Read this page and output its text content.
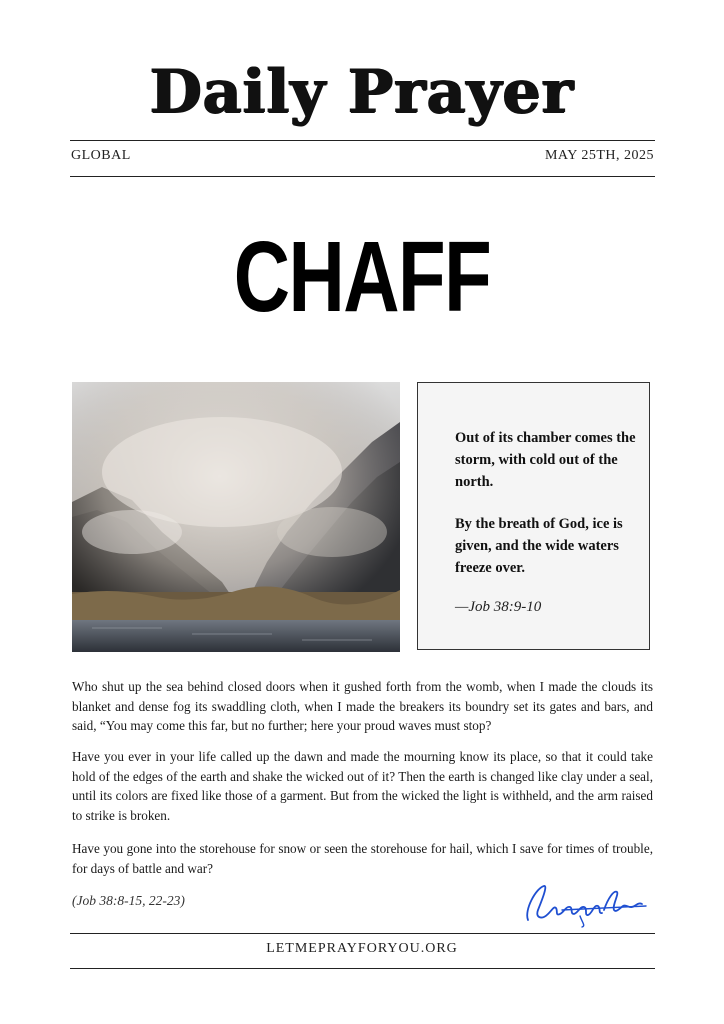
Daily Prayer
GLOBAL	MAY 25TH, 2025
CHAFF

Out of its chamber comes the storm, with cold out of the north.

By the breath of God, ice is given, and the wide waters freeze over.

—Job 38:9-10

Who shut up the sea behind closed doors when it gushed forth from the womb, when I made the clouds its blanket and dense fog its swaddling cloth, when I made the breakers its boundry set its gates and bars, and said, “You may come this far, but no further; here your proud waves must stop?

Have you ever in your life called up the dawn and made the mourning know its place, so that it could take hold of the edges of the earth and shake the wicked out of it? Then the earth is changed like clay under a seal, until its colors are fixed like those of a garment. But from the wicked the light is withheld, and the arm raised to strike is broken.

Have you gone into the storehouse for snow or seen the storehouse for hail, which I save for times of trouble, for days of battle and war?

(Job 38:8-15, 22-23)
LETMEPRAYFORYOU.ORG
